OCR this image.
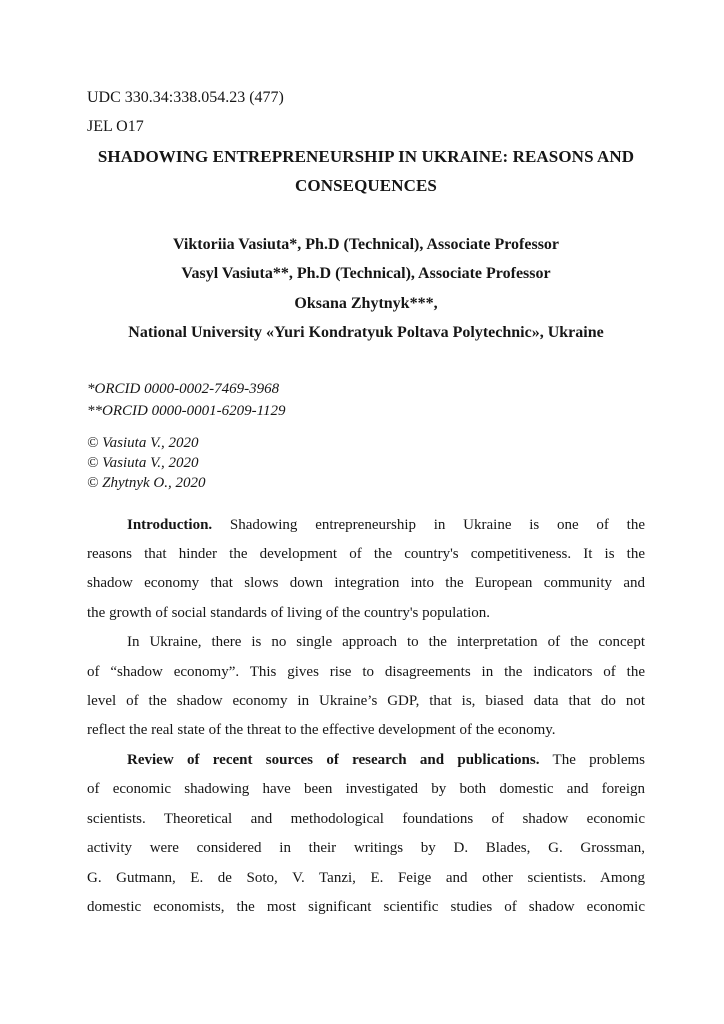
UDC 330.34:338.054.23 (477)
JEL O17
SHADOWING ENTREPRENEURSHIP IN UKRAINE: REASONS AND
CONSEQUENCES
Viktoriia Vasiuta*, Ph.D (Technical), Associate Professor
Vasyl Vasiuta**, Ph.D (Technical), Associate Professor
Oksana Zhytnyk***,
National University «Yuri Kondratyuk Poltava Polytechnic», Ukraine
*ORCID 0000-0002-7469-3968
**ORCID 0000-0001-6209-1129
© Vasiuta V., 2020
© Vasiuta V., 2020
© Zhytnyk O., 2020
Introduction. Shadowing entrepreneurship in Ukraine is one of the
reasons that hinder the development of the country's competitiveness. It is the
shadow economy that slows down integration into the European community and
the growth of social standards of living of the country's population.
In Ukraine, there is no single approach to the interpretation of the concept
of “shadow economy”. This gives rise to disagreements in the indicators of the
level of the shadow economy in Ukraine’s GDP, that is, biased data that do not
reflect the real state of the threat to the effective development of the economy.
Review of recent sources of research and publications. The problems
of economic shadowing have been investigated by both domestic and foreign
scientists. Theoretical and methodological foundations of shadow economic
activity were considered in their writings by D. Blades, G. Grossman,
G. Gutmann, E. de Soto, V. Tanzi, E. Feige and other scientists. Among
domestic economists, the most significant scientific studies of shadow economic
